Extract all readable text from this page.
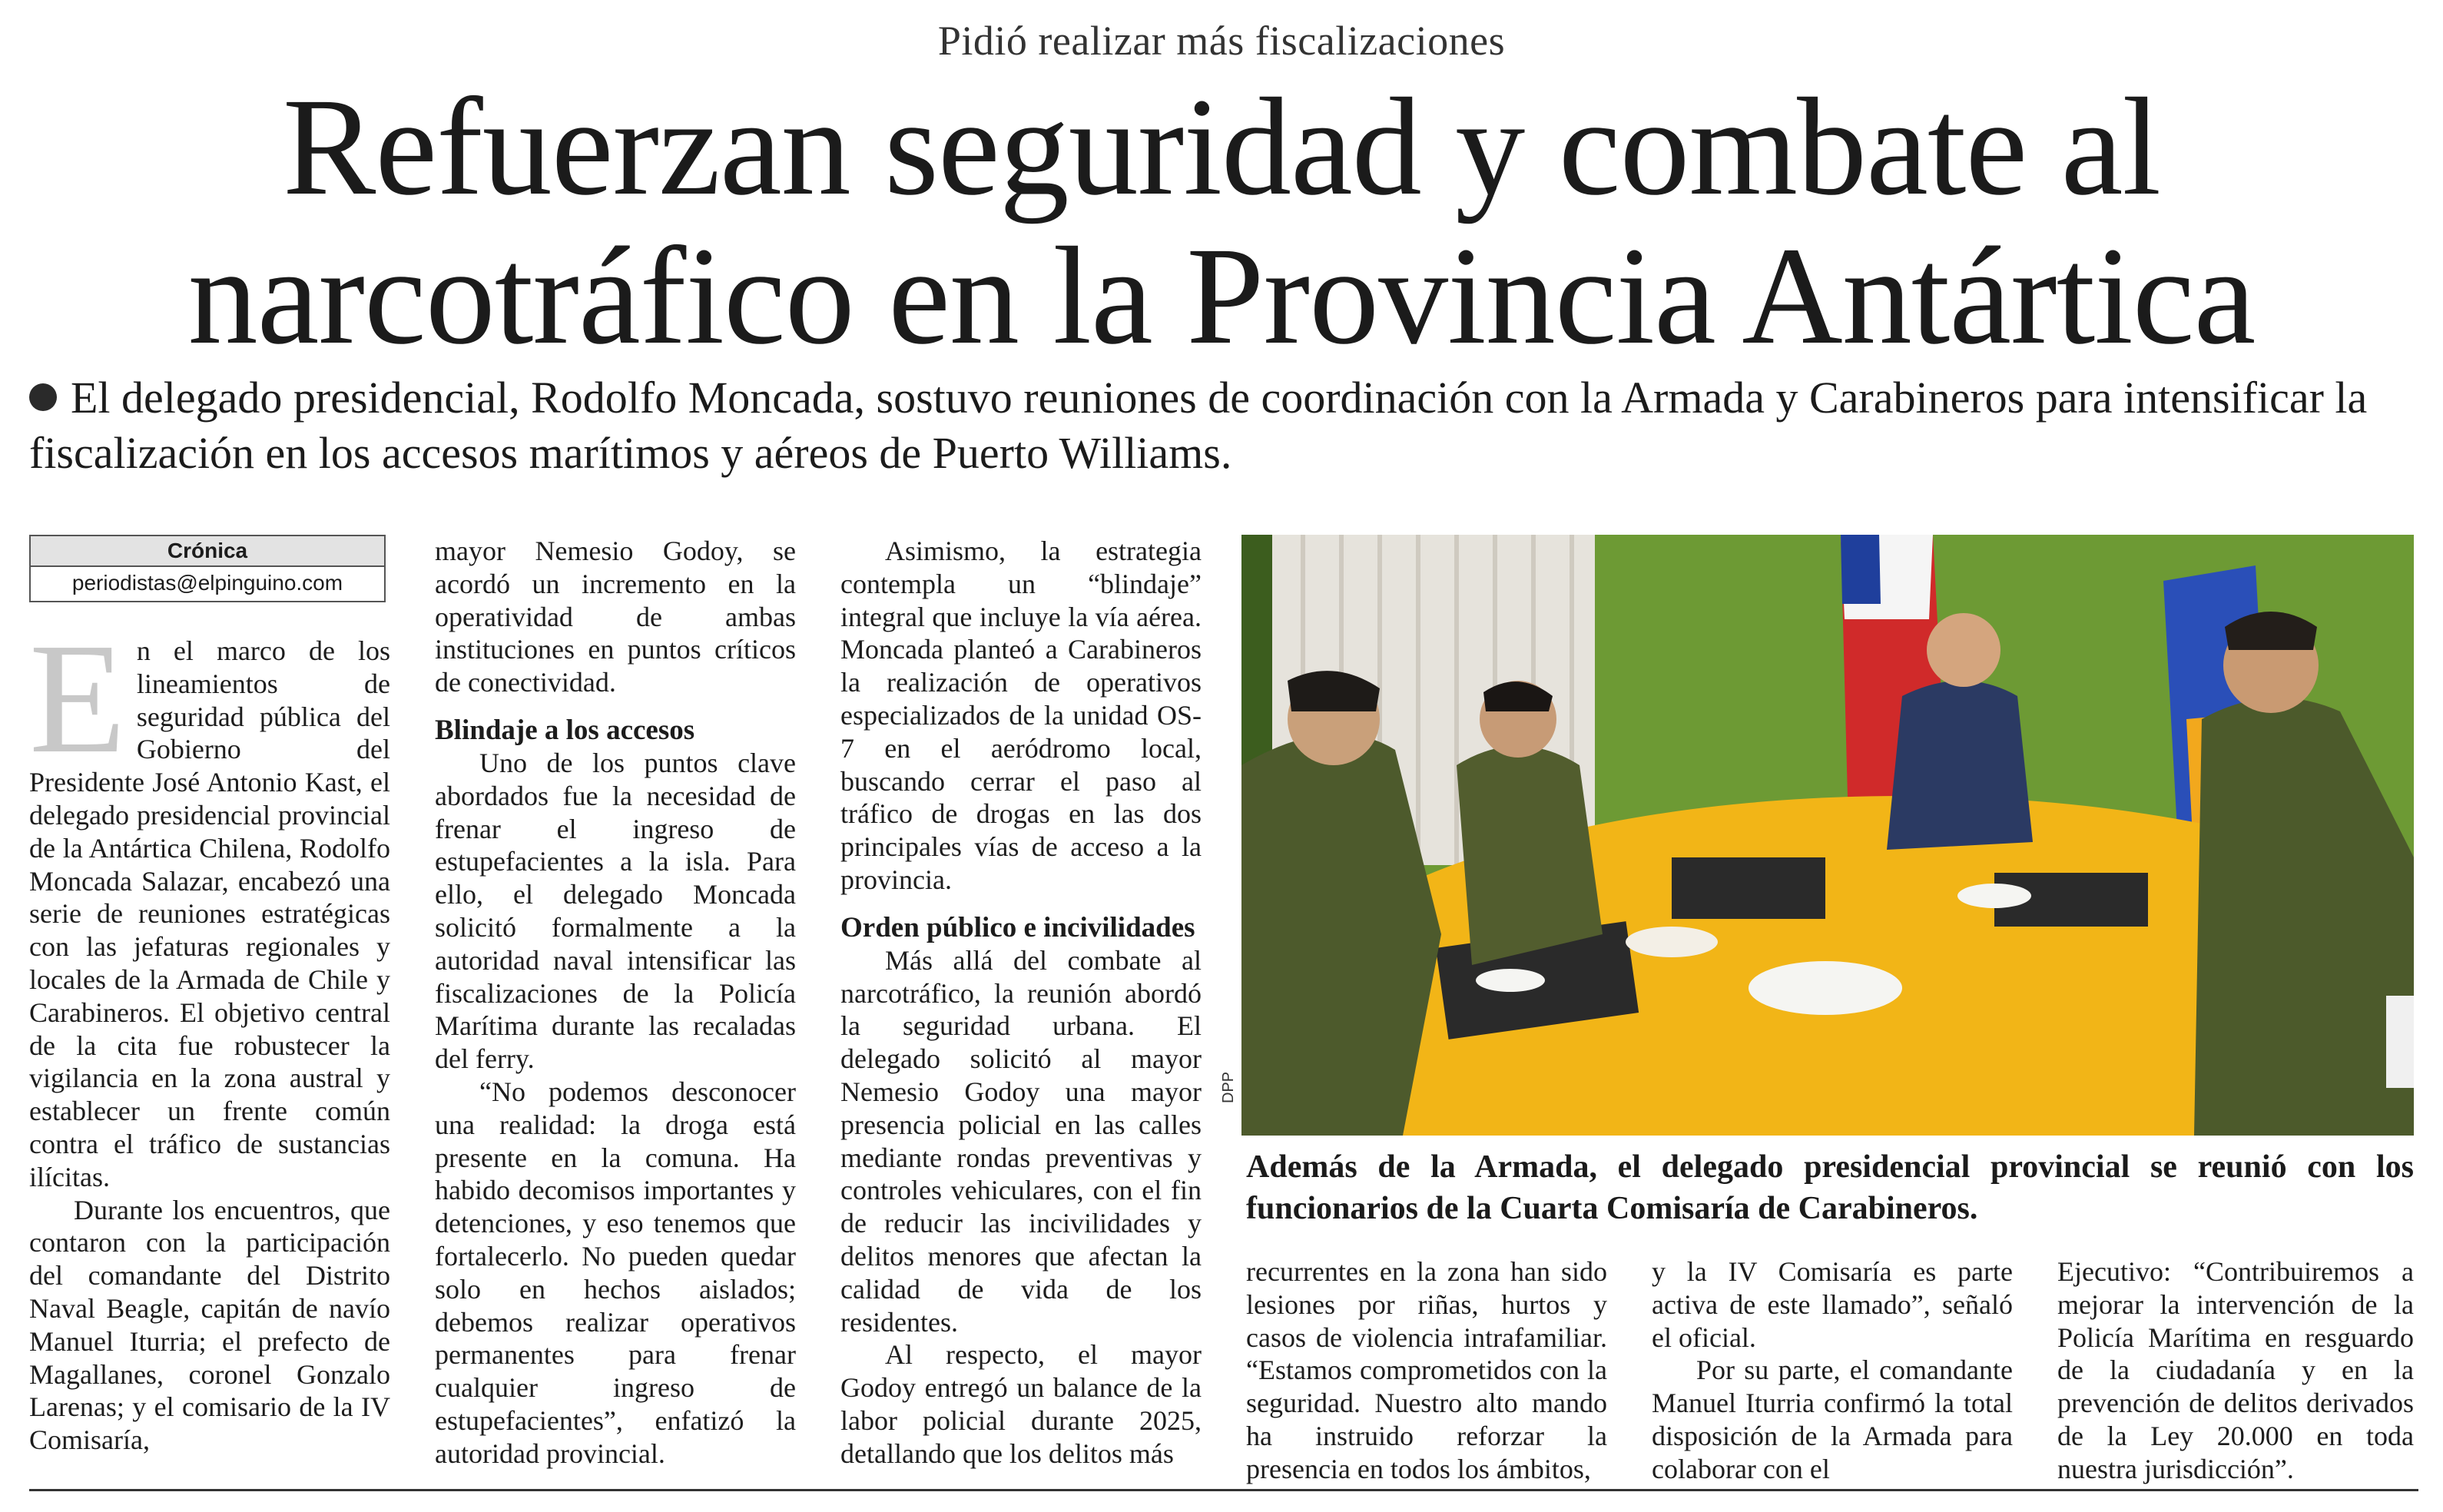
Pidió realizar más fiscalizaciones
Refuerzan seguridad y combate al
narcotráfico en la Provincia Antártica
El delegado presidencial, Rodolfo Moncada, sostuvo reuniones de coordinación con la Armada y Carabineros para intensificar la fiscalización en los accesos marítimos y aéreos de Puerto Williams.
Crónica
periodistas@elpinguino.com

En el marco de los lineamientos de seguridad pública del Gobierno del Presidente José Antonio Kast, el delegado presidencial provincial de la Antártica Chilena, Rodolfo Moncada Salazar, encabezó una serie de reuniones estratégicas con las jefaturas regionales y locales de la Armada de Chile y Carabineros. El objetivo central de la cita fue robustecer la vigilancia en la zona austral y establecer un frente común contra el tráfico de sustancias ilícitas.

Durante los encuentros, que contaron con la participación del comandante del Distrito Naval Beagle, capitán de navío Manuel Iturria; el prefecto de Magallanes, coronel Gonzalo Larenas; y el comisario de la IV Comisaría,

mayor Nemesio Godoy, se acordó un incremento en la operatividad de ambas instituciones en puntos críticos de conectividad.

Blindaje a los accesos

Uno de los puntos clave abordados fue la necesidad de frenar el ingreso de estupefacientes a la isla. Para ello, el delegado Moncada solicitó formalmente a la autoridad naval intensificar las fiscalizaciones de la Policía Marítima durante las recaladas del ferry.

“No podemos desconocer una realidad: la droga está presente en la comuna. Ha habido decomisos importantes y detenciones, y eso tenemos que fortalecerlo. No pueden quedar solo en hechos aislados; debemos realizar operativos permanentes para frenar cualquier ingreso de estupefacientes”, enfatizó la autoridad provincial.

Asimismo, la estrategia contempla un “blindaje” integral que incluye la vía aérea. Moncada planteó a Carabineros la realización de operativos especializados de la unidad OS-7 en el aeródromo local, buscando cerrar el paso al tráfico de drogas en las dos principales vías de acceso a la provincia.

Orden público e incivilidades

Más allá del combate al narcotráfico, la reunión abordó la seguridad urbana. El delegado solicitó al mayor Nemesio Godoy una mayor presencia policial en las calles mediante rondas preventivas y controles vehiculares, con el fin de reducir las incivilidades y delitos menores que afectan la calidad de vida de los residentes.

Al respecto, el mayor Godoy entregó un balance de la labor policial durante 2025, detallando que los delitos más

DPP
Además de la Armada, el delegado presidencial provincial se reunió con los funcionarios de la Cuarta Comisaría de Carabineros.

recurrentes en la zona han sido lesiones por riñas, hurtos y casos de violencia intrafamiliar. “Estamos comprometidos con la seguridad. Nuestro alto mando ha instruido reforzar la presencia en todos los ámbitos,

y la IV Comisaría es parte activa de este llamado”, señaló el oficial.

Por su parte, el comandante Manuel Iturria confirmó la total disposición de la Armada para colaborar con el

Ejecutivo: “Contribuiremos a mejorar la intervención de la Policía Marítima en resguardo de la ciudadanía y en la prevención de delitos derivados de la Ley 20.000 en toda nuestra jurisdicción”.
